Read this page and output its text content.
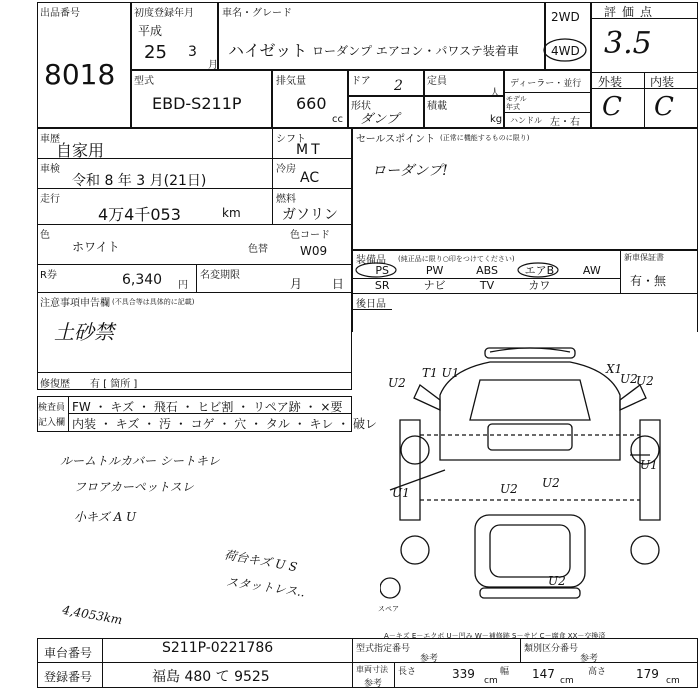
出品番号
8018
初度登録年月
平成
25 3
月
車名・グレード
ハイゼット ローダンプ エアコン・パワステ装着車
2WD
4WD
評価点
3.5
外装 内装
C C
型式
EBD-S211P
排気量
660
cc
ドア 2 定員
人
ディーラー・並行
モデル年式
ハンドル 左・右
形状
ダンプ
積載
kg
車歴
自家用
シフト
MT
車検
令和 8 年 3 月(21日)
冷房
AC
走行
4万4千053	km
燃料
ガソリン
色
ホワイト	色替
色コード
W09
R券	6,340 円
名変期限
月 日
注意事項申告欄 (不具合等は具体的に記載)
土砂禁
修復歴 有 [ 箇所 ]
セールスポイント (正常に機能するものに限り)
ローダンプ!
装備品 (純正品に限り○印をつけてください)	新車保証書
有・無
PS	PW	ABS	エアB	AW
SR	ナビ	TV	カワ
後日品
検査員
記入欄
FW ・ キズ ・ 飛石 ・ ヒビ割 ・ リペア跡 ・ ×要
内装 ・ キズ ・ 汚 ・ コゲ ・ 穴 ・ タル ・ キレ ・ 破レ
ルームトルカバー シートキレ
フロアカーペットスレ
小キズ A U
荷台キズ U S
スタットレス..
4,4053km	スペア
U2
T1 U1	U2
X1
U2
U1
U1	U2 U2
U2
A－キズ E－エクボ U－凹み W－補修跡 S－サビ C－腐食 XX－交換済
車台番号	S211P-0221786
登録番号	福島 480 て 9525
型式指定番号
参考
類別区分番号
参考
車両寸法
参考
長さ	339 cm
幅 147 cm
高さ 179 cm
